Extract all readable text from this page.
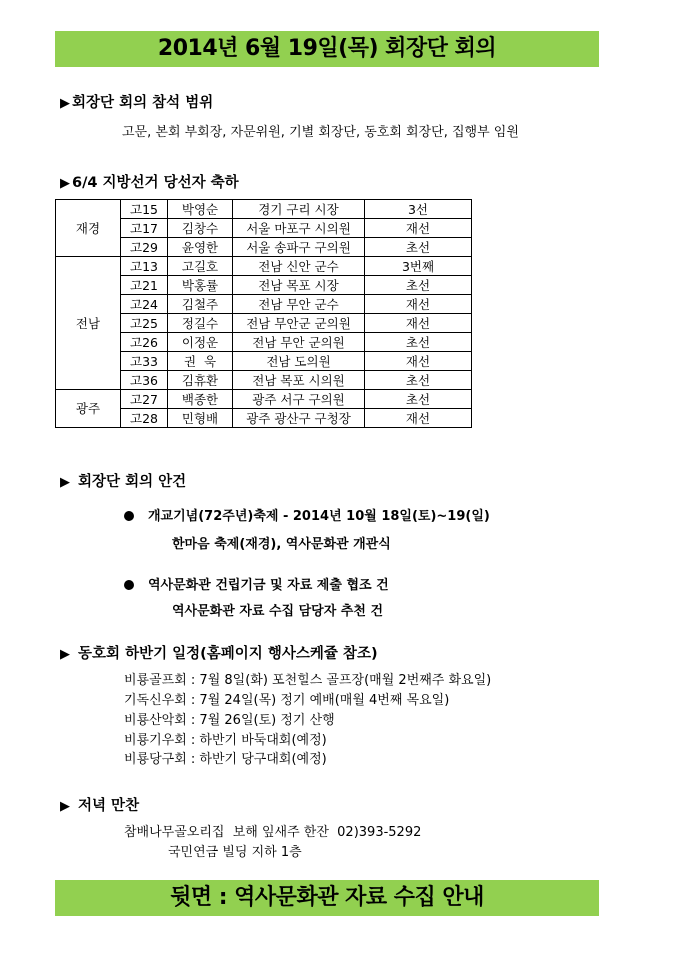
2014년 6월 19일(목) 회장단 회의
▶ 회장단 회의 참석 범위
고문, 본회 부회장, 자문위원, 기별 회장단, 동호회 회장단, 집행부 임원
▶ 6/4 지방선거 당선자 축하
재경	고15	박영순	경기 구리 시장	3선
	고17	김창수	서울 마포구 시의원	재선
	고29	윤영한	서울 송파구 구의원	초선
전남	고13	고길호	전남 신안 군수	3번째
	고21	박홍률	전남 목포 시장	초선
	고24	김철주	전남 무안 군수	재선
	고25	정길수	전남 무안군 군의원	재선
	고26	이정운	전남 무안 군의원	초선
	고33	권  욱	전남 도의원	재선
	고36	김휴환	전남 목포 시의원	초선
광주	고27	백종한	광주 서구 구의원	초선
	고28	민형배	광주 광산구 구청장	재선
▶ 회장단 회의 안건
개교기념(72주년)축제 - 2014년 10월 18일(토)~19(일)
한마음 축제(재경), 역사문화관 개관식
역사문화관 건립기금 및 자료 제출 협조 건
역사문화관 자료 수집 담당자 추천 건
▶ 동호회 하반기 일정(홈페이지 행사스케쥴 참조)
비룡골프회 : 7월 8일(화) 포천힐스 골프장(매월 2번째주 화요일)
기독신우회 : 7월 24일(목) 정기 예배(매월 4번째 목요일)
비룡산악회 : 7월 26일(토) 정기 산행
비룡기우회 : 하반기 바둑대회(예정)
비룡당구회 : 하반기 당구대회(예정)
▶ 저녁 만찬
참배나무골오리집  보해 잎새주 한잔  02)393-5292
국민연금 빌딩 지하 1층
뒷면 : 역사문화관 자료 수집 안내
